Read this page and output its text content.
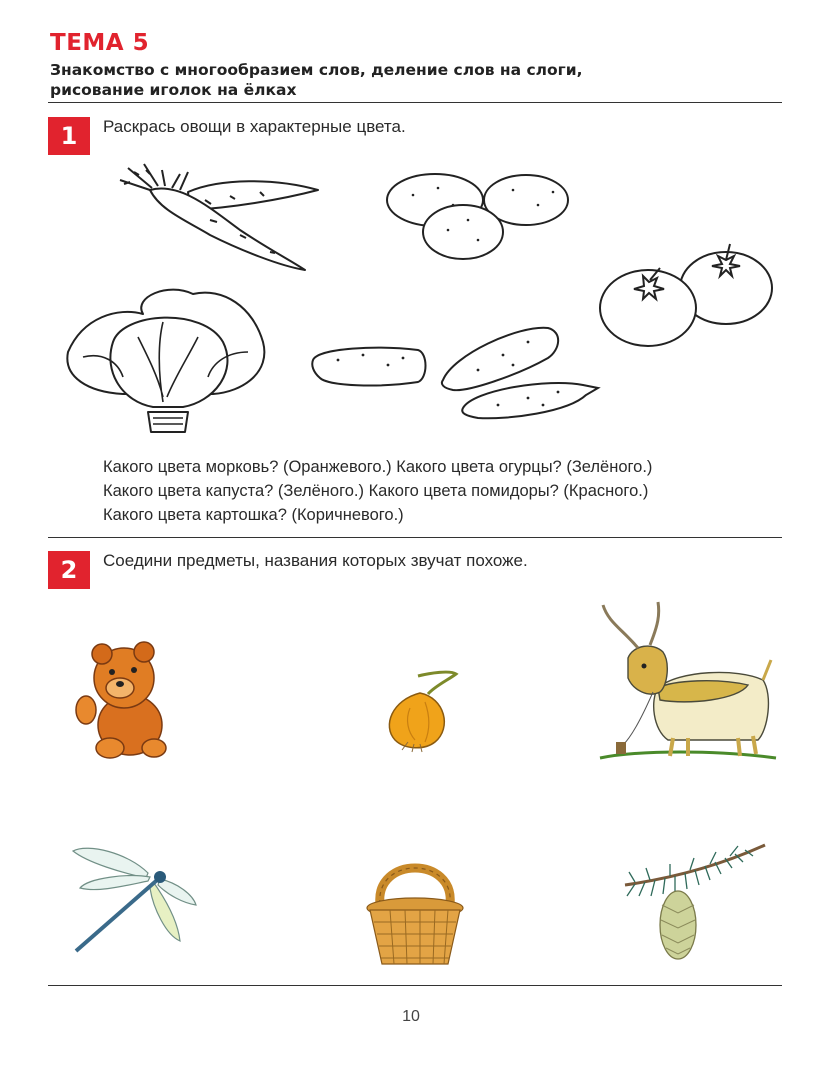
ТЕМА 5
Знакомство с многообразием слов, деление слов на слоги,
рисование иголок на ёлках
1	Раскрась овощи в характерные цвета.
Какого цвета морковь? (Оранжевого.) Какого цвета огурцы? (Зелёного.)
Какого цвета капуста? (Зелёного.) Какого цвета помидоры? (Красного.)
Какого цвета картошка? (Коричневого.)
2	Соедини предметы, названия которых звучат похоже.
10
